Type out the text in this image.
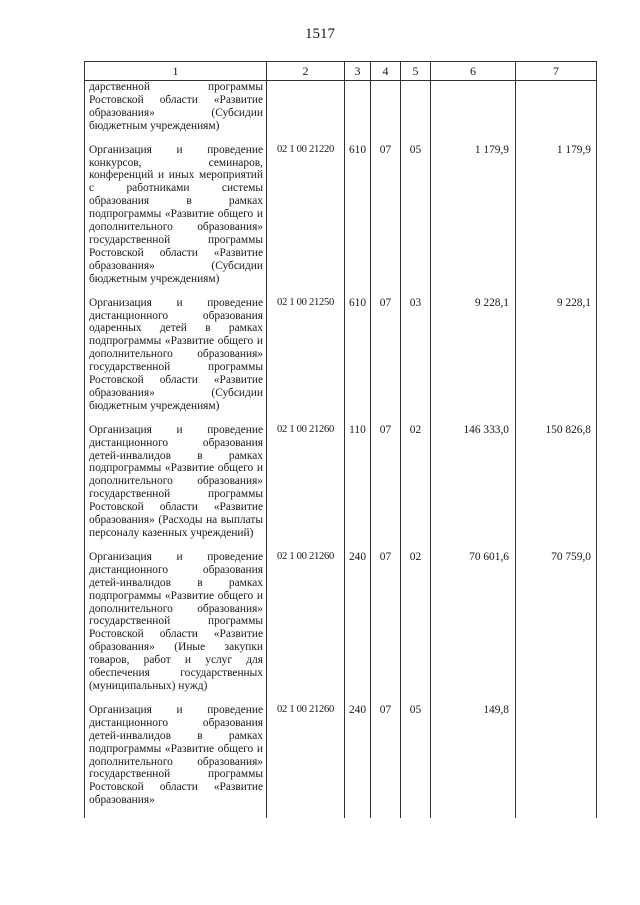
1517
1	2	3	4	5	6	7
дарственной программы Ростовской области «Развитие образования» (Субсидии бюджетным учреждениям)						
Организация и проведение конкурсов, семинаров, конференций и иных мероприятий с работниками системы образования в рамках подпрограммы «Развитие общего и дополнительного образования» государственной программы Ростовской области «Развитие образования» (Субсидии бюджетным учреждениям)	02 1 00 21220	610	07	05	1 179,9	1 179,9
Организация и проведение дистанционного образования одаренных детей в рамках подпрограммы «Развитие общего и дополнительного образования» государственной программы Ростовской области «Развитие образования» (Субсидии бюджетным учреждениям)	02 1 00 21250	610	07	03	9 228,1	9 228,1
Организация и проведение дистанционного образования детей-инвалидов в рамках подпрограммы «Развитие общего и дополнительного образования» государственной программы Ростовской области «Развитие образования» (Расходы на выплаты персоналу казенных учреждений)	02 1 00 21260	110	07	02	146 333,0	150 826,8
Организация и проведение дистанционного образования детей-инвалидов в рамках подпрограммы «Развитие общего и дополнительного образования» государственной программы Ростовской области «Развитие образования» (Иные закупки товаров, работ и услуг для обеспечения государственных (муниципальных) нужд)	02 1 00 21260	240	07	02	70 601,6	70 759,0
Организация и проведение дистанционного образования детей-инвалидов в рамках подпрограммы «Развитие общего и дополнительного образования» государственной программы Ростовской области «Развитие образования»	02 1 00 21260	240	07	05	149,8	
